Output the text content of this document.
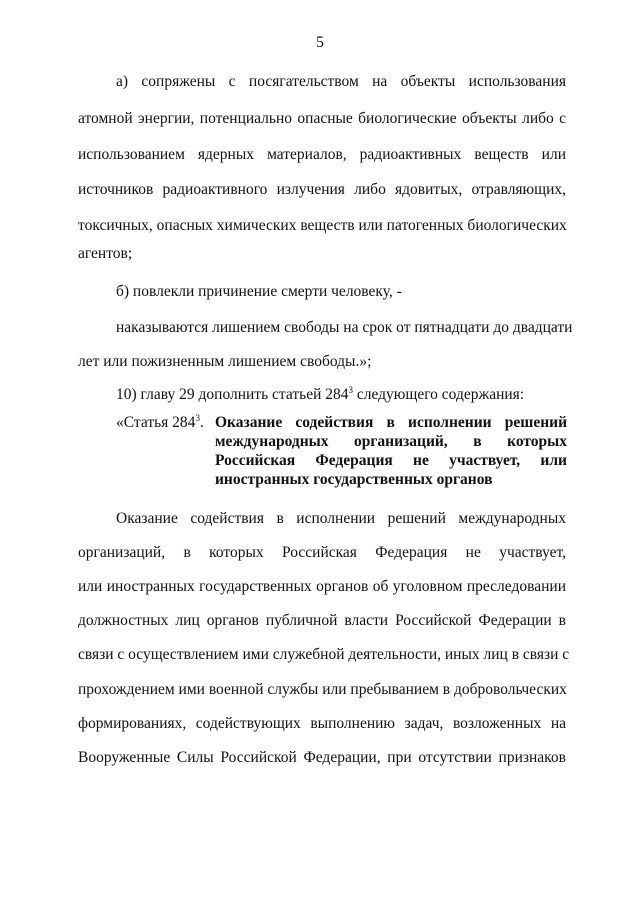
5
а) сопряжены с посягательством на объекты использования
атомной энергии, потенциально опасные биологические объекты либо с
использованием ядерных материалов, радиоактивных веществ или
источников радиоактивного излучения либо ядовитых, отравляющих,
токсичных, опасных химических веществ или патогенных биологических
агентов;
б) повлекли причинение смерти человеку, -
наказываются лишением свободы на срок от пятнадцати до двадцати
лет или пожизненным лишением свободы.»;
10) главу 29 дополнить статьей $284^3$ следующего содержания:
«Статья $284^3$. Оказание содействия в исполнении решений
международных организаций, в которых
Российская Федерация не участвует, или
иностранных государственных органов
Оказание содействия в исполнении решений международных
организаций, в которых Российская Федерация не участвует,
или иностранных государственных органов об уголовном преследовании
должностных лиц органов публичной власти Российской Федерации в
связи с осуществлением ими служебной деятельности, иных лиц в связи с
прохождением ими военной службы или пребыванием в добровольческих
формированиях, содействующих выполнению задач, возложенных на
Вооруженные Силы Российской Федерации, при отсутствии признаков
